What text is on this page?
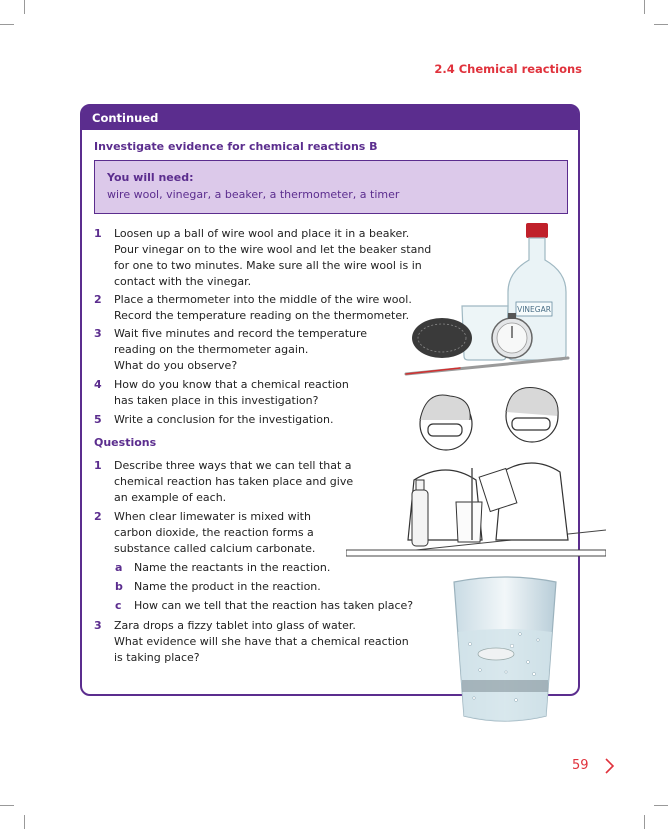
2.4 Chemical reactions
Continued
Investigate evidence for chemical reactions B
You will need:
wire wool, vinegar, a beaker, a thermometer, a timer
1	Loosen up a ball of wire wool and place it in a beaker.
Pour vinegar on to the wire wool and let the beaker stand
for one to two minutes. Make sure all the wire wool is in
contact with the vinegar.
2	Place a thermometer into the middle of the wire wool.
Record the temperature reading on the thermometer.
3	Wait five minutes and record the temperature
reading on the thermometer again.
What do you observe?
4	How do you know that a chemical reaction
has taken place in this investigation?
5	Write a conclusion for the investigation.
Questions
1	Describe three ways that we can tell that a
chemical reaction has taken place and give
an example of each.
2	When clear limewater is mixed with
carbon dioxide, the reaction forms a
substance called calcium carbonate.
a Name the reactants in the reaction.
b Name the product in the reaction.
c How can we tell that the reaction has taken place?
3	Zara drops a fizzy tablet into glass of water.
What evidence will she have that a chemical reaction
is taking place?
VINEGAR
59
